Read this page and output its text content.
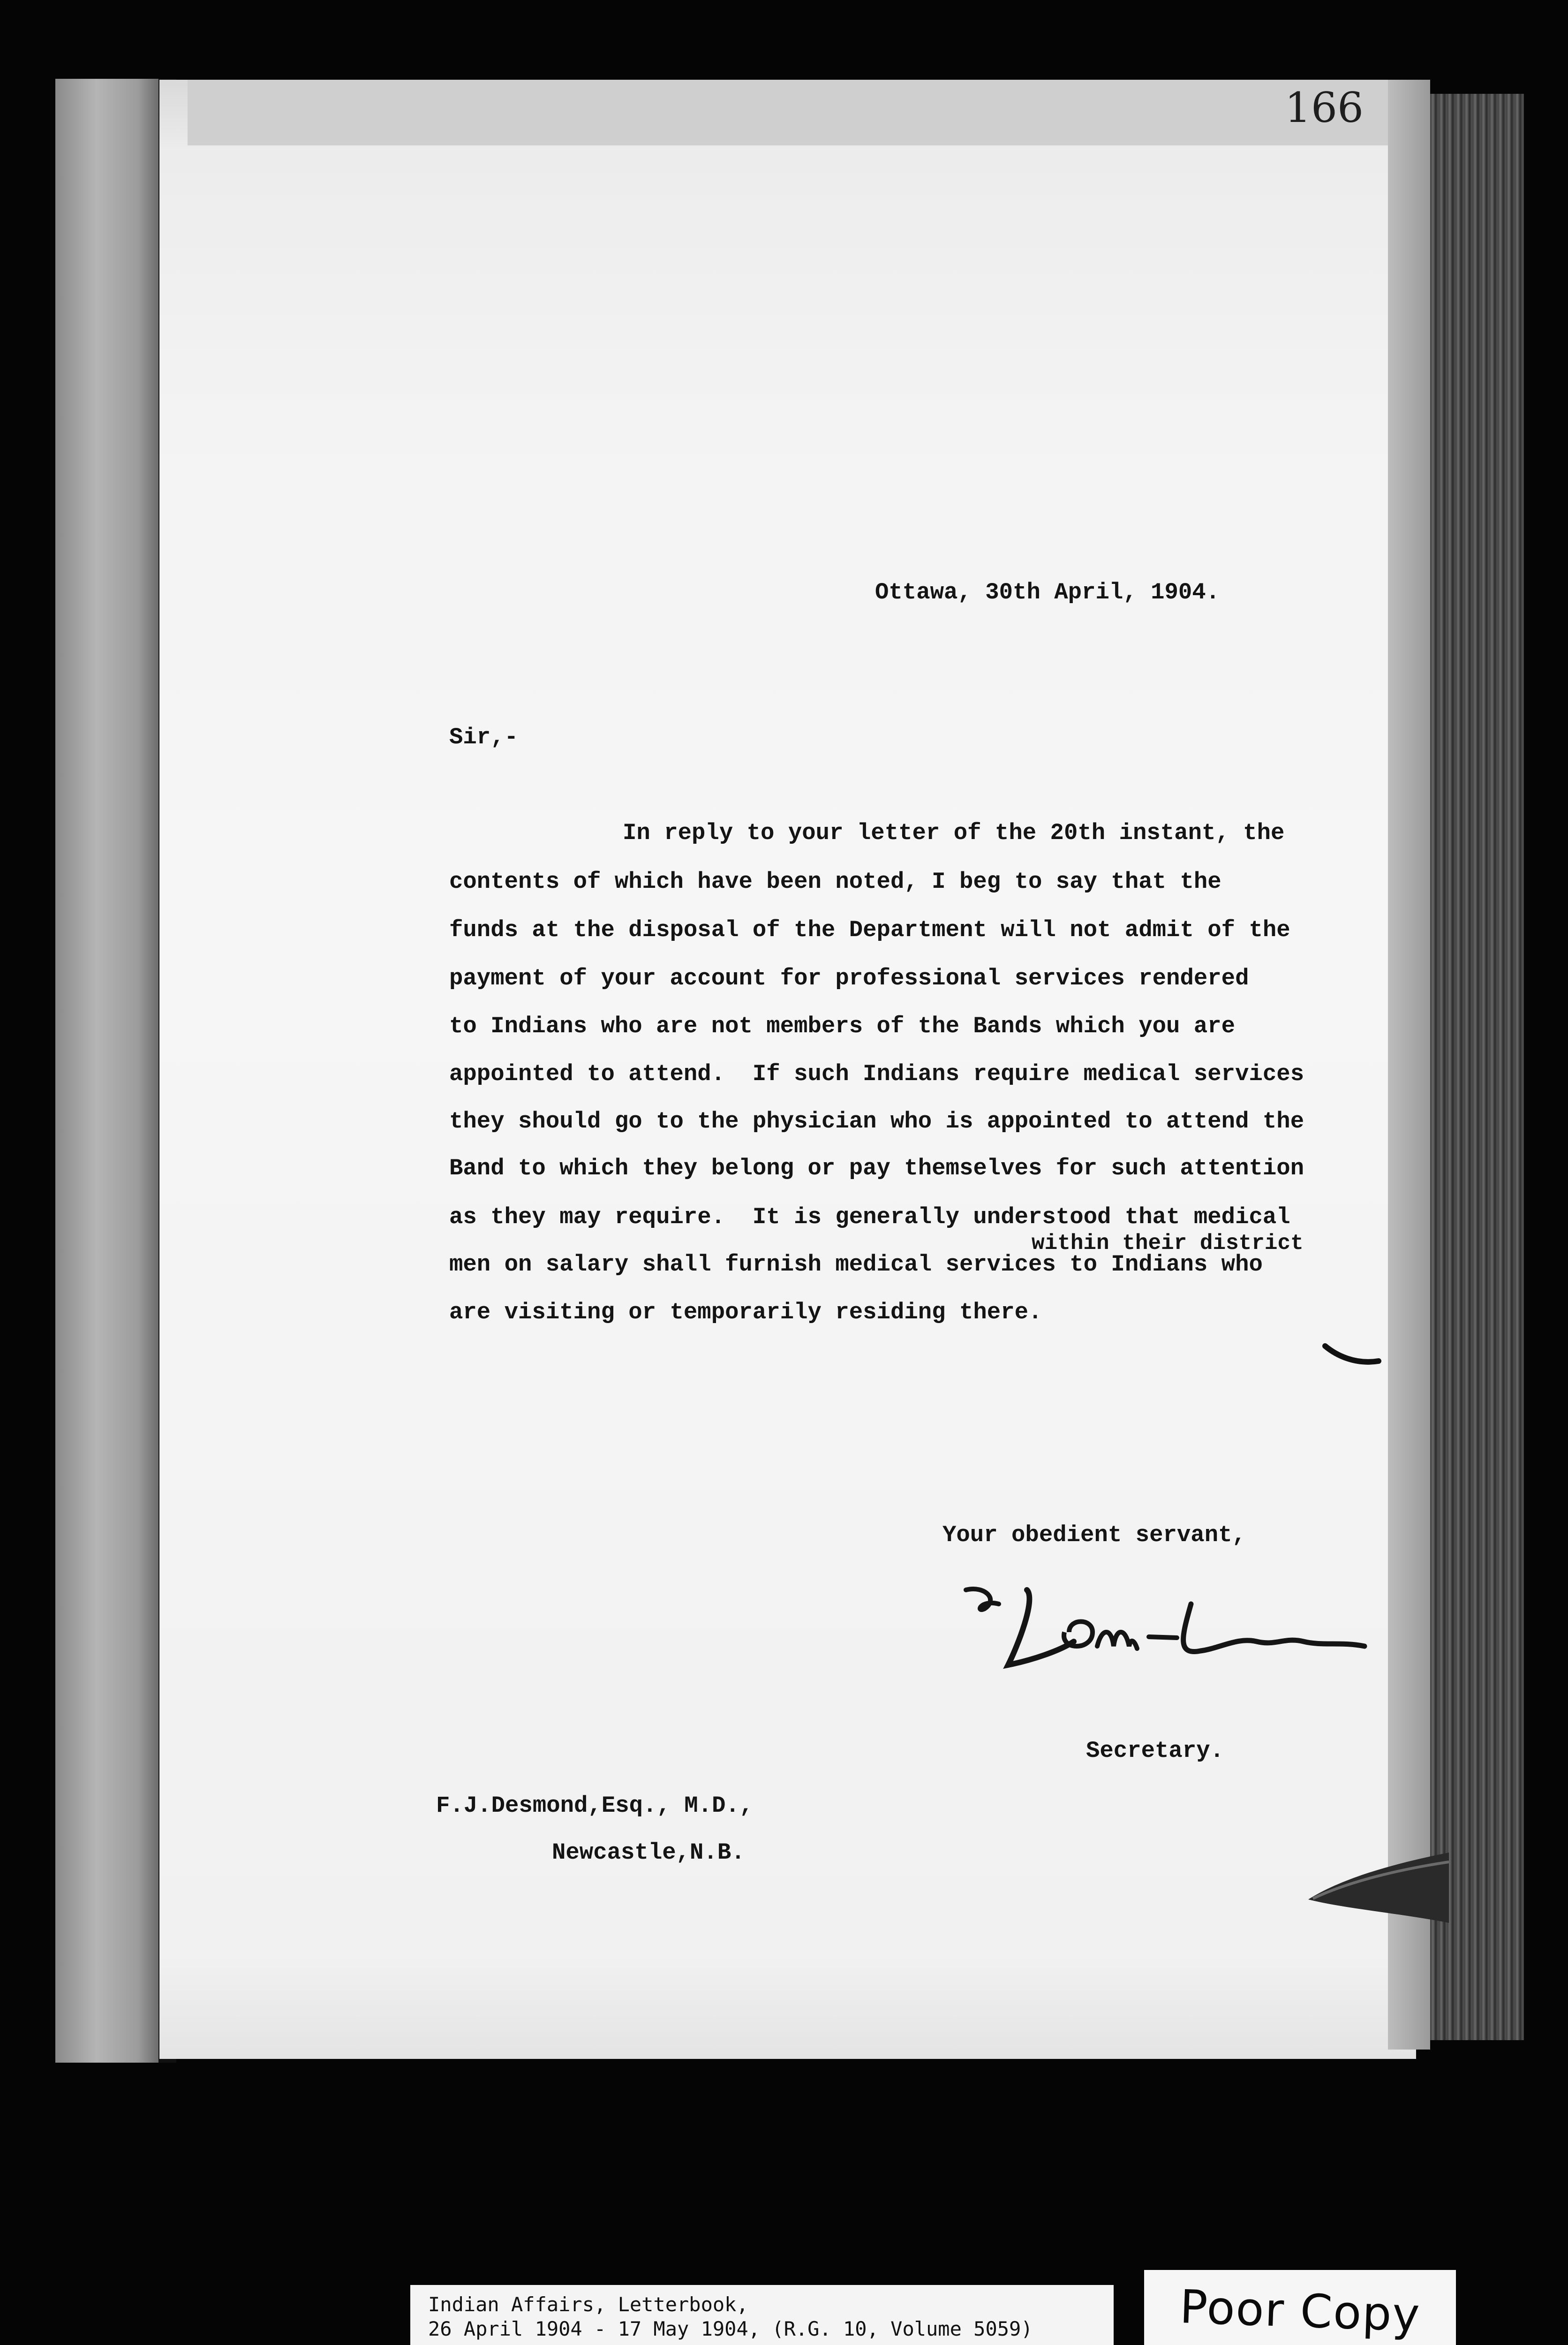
166
Ottawa, 30th April, 1904.
Sir,-
In reply to your letter of the 20th instant, the
contents of which have been noted, I beg to say that the
funds at the disposal of the Department will not admit of the
payment of your account for professional services rendered
to Indians who are not members of the Bands which you are
appointed to attend.  If such Indians require medical services
they should go to the physician who is appointed to attend the
Band to which they belong or pay themselves for such attention
as they may require.  It is generally understood that medical
within their district
men on salary shall furnish medical services to Indians who
are visiting or temporarily residing there.
Your obedient servant,
Secretary.
F.J.Desmond,Esq., M.D.,
Newcastle,N.B.
Indian Affairs, Letterbook,
26 April 1904 - 17 May 1904, (R.G. 10, Volume 5059)	Poor Copy
